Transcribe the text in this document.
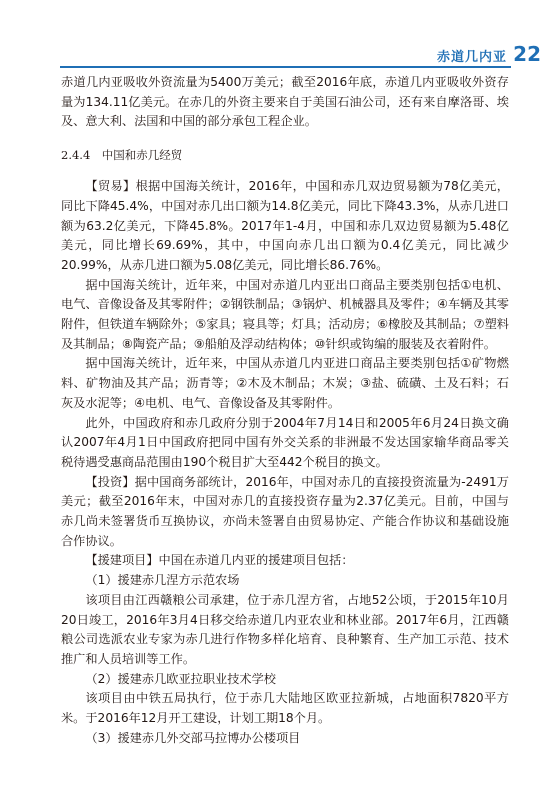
赤道几内亚 22

赤道几内亚吸收外资流量为5400万美元；截至2016年底，赤道几内亚吸收外资存量为134.11亿美元。在赤几的外资主要来自于美国石油公司，还有来自摩洛哥、埃及、意大利、法国和中国的部分承包工程企业。

2.4.4　中国和赤几经贸

【贸易】根据中国海关统计，2016年，中国和赤几双边贸易额为78亿美元，同比下降45.4%，中国对赤几出口额为14.8亿美元，同比下降43.3%，从赤几进口额为63.2亿美元，下降45.8%。2017年1-4月，中国和赤几双边贸易额为5.48亿美元，同比增长69.69%，其中，中国向赤几出口额为0.4亿美元，同比减少20.99%，从赤几进口额为5.08亿美元，同比增长86.76%。

据中国海关统计，近年来，中国对赤道几内亚出口商品主要类别包括①电机、电气、音像设备及其零附件；②钢铁制品；③锅炉、机械器具及零件；④车辆及其零附件，但铁道车辆除外；⑤家具；寝具等；灯具；活动房；⑥橡胶及其制品；⑦塑料及其制品；⑧陶瓷产品；⑨船舶及浮动结构体；⑩针织或钩编的服装及衣着附件。

据中国海关统计，近年来，中国从赤道几内亚进口商品主要类别包括①矿物燃料、矿物油及其产品；沥青等；②木及木制品；木炭；③盐、硫磺、土及石料；石灰及水泥等；④电机、电气、音像设备及其零附件。

此外，中国政府和赤几政府分别于2004年7月14日和2005年6月24日换文确认2007年4月1日中国政府把同中国有外交关系的非洲最不发达国家输华商品零关税待遇受惠商品范围由190个税目扩大至442个税目的换文。

【投资】据中国商务部统计，2016年，中国对赤几的直接投资流量为-2491万美元；截至2016年末，中国对赤几的直接投资存量为2.37亿美元。目前，中国与赤几尚未签署货币互换协议，亦尚未签署自由贸易协定、产能合作协议和基础设施合作协议。

【援建项目】中国在赤道几内亚的援建项目包括：

（1）援建赤几涅方示范农场

该项目由江西赣粮公司承建，位于赤几涅方省，占地52公顷，于2015年10月20日竣工，2016年3月4日移交给赤道几内亚农业和林业部。2017年6月，江西赣粮公司选派农业专家为赤几进行作物多样化培育、良种繁育、生产加工示范、技术推广和人员培训等工作。

（2）援建赤几欧亚拉职业技术学校

该项目由中铁五局执行，位于赤几大陆地区欧亚拉新城，占地面积7820平方米。于2016年12月开工建设，计划工期18个月。

（3）援建赤几外交部马拉博办公楼项目
